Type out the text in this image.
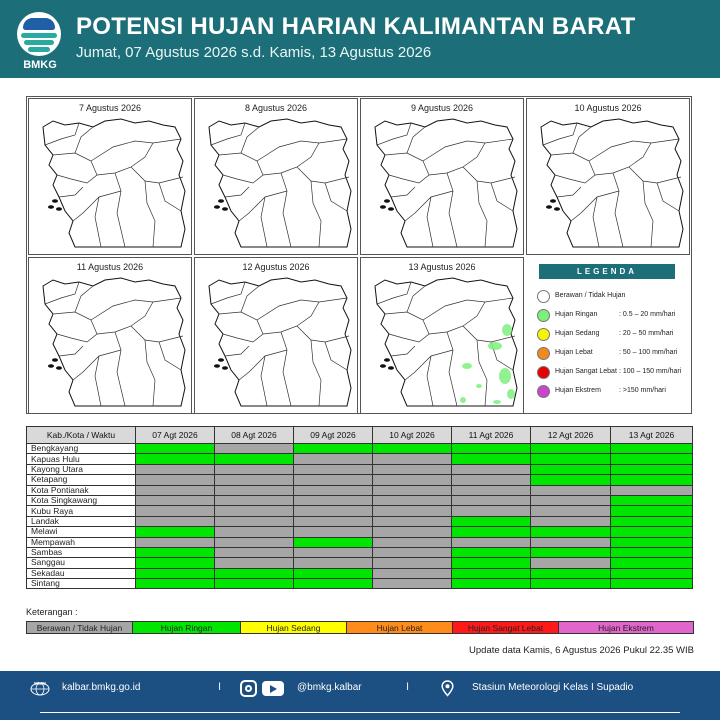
BMKG
POTENSI HUJAN HARIAN KALIMANTAN BARAT
Jumat, 07 Agustus 2026 s.d. Kamis, 13 Agustus 2026
7 Agustus 2026	8 Agustus 2026	9 Agustus 2026	10 Agustus 2026
11 Agustus 2026	12 Agustus 2026	13 Agustus 2026	LEGENDA
Berawan / Tidak Hujan
Hujan Ringan	: 0.5 – 20 mm/hari
Hujan Sedang	: 20 – 50 mm/hari
Hujan Lebat	: 50 – 100 mm/hari
Hujan Sangat Lebat : 100 – 150 mm/hari
Hujan Ekstrem	: >150 mm/hari
Kab./Kota / Waktu	07 Agt 2026	08 Agt 2026	09 Agt 2026	10 Agt 2026	11 Agt 2026	12 Agt 2026	13 Agt 2026
Bengkayang							
Kapuas Hulu							
Kayong Utara							
Ketapang							
Kota Pontianak							
Kota Singkawang							
Kubu Raya							
Landak							
Melawi							
Mempawah							
Sambas							
Sanggau							
Sekadau							
Sintang							
Keterangan :
Berawan / Tidak Hujan	Hujan Ringan	Hujan Sedang	Hujan Lebat	Hujan Sangat Lebat	Hujan Ekstrem
Update data Kamis, 6 Agustus 2026 Pukul 22.35 WIB
www kalbar.bmkg.go.id	I	@bmkg.kalbar	I	Stasiun Meteorologi Kelas I Supadio
